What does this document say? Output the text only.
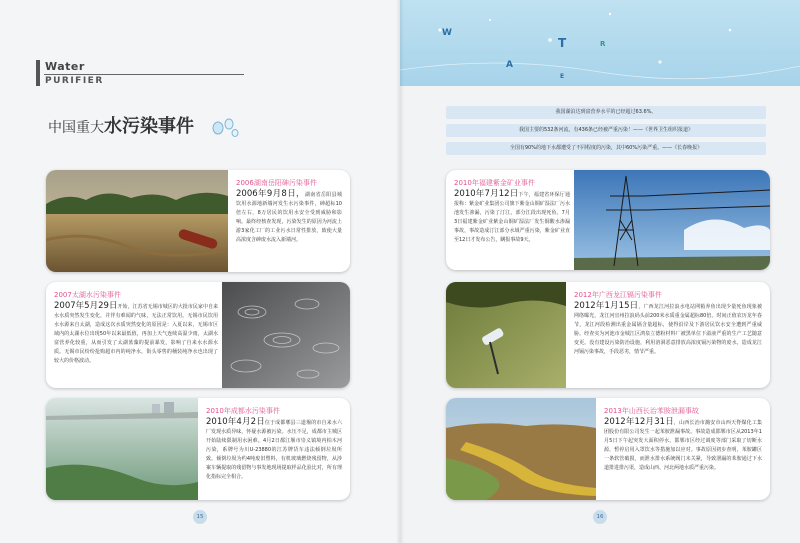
Water
PURIFIER
中国重大水污染事件
2006湖南岳阳砷污染事件
2006年9月8日，湖南省岳阳县城饮用水源地新墙河发生水污染事件，砷超标10倍左右，8万居民的饮用水安全受到威胁和影响。最终经核查发现，污染发生的原因为河流上游3家化工厂的工业污水日常性排放，致使大量高浓度含砷废水流入新墙河。
2007太湖水污染事件
2007年5月29日开始，江苏省无锡市城区的大批市民家中自来水水质突然发生变化，并伴有难闻的气味，无法正常饮用。无锡市民饮用水水源来自太湖，造成这次水质突然变化的原因是：入夏以来，无锡市区域内的太湖水位出现50年以来最低值，再加上天气连续高温少雨，太湖水富营养化较重，从而引发了太湖蓝藻的提前暴发，影响了自来水水源水质。无锡市民纷纷抢购超市内的纯净水，街头零售的桶装纯净水也出现了较大的价格波动。
2010年成都水污染事件
2010年4月2日位于成都郫县三道堰的市自来水六厂发现水质异味，怀疑水源被污染。水压不足，成都市主城区开始陆续限制用水困难。4月2日都江堰市崇义镇境内柏木河污染，系牌号为川U-23880的江苏牌货车违法倾倒垃圾所致。倾倒垃圾为约4吨废旧塑料，有机玻璃燃烧残留物，从涉案车辆提取的残留物与事发地现场提取样品化验比对，所有理化指标完全相合。
15
W
A
T
E
R
我国湖泊达到富营养水平的已经超过63.6%。
我国主要的532条河流，有436条已经被严重污染！——《世界卫生组织报道》
全国有90%的地下水都遭受了不同程度的污染，其中60%污染严重。——《长春晚报》
2010年福建紫金矿业事件
2010年7月12日下午，福建省环保厅通报称：紫金矿业集团公司旗下紫金山铜矿湿法厂污水池发生渗漏，污染了汀江，部分江段出现死鱼。7月3日福建紫金矿业紫金山铜矿湿法厂发生铜酸水渗漏事故，事故造成汀江部分水域严重污染，紫金矿业直至12日才发布公告，瞒报事故9天。
2012年广西龙江镉污染事件
2012年1月15日，广西龙江河拉浪水电站网箱养鱼出现少量死鱼现象被网络曝光，龙江河宜州拉浪码头前200米水质重金属超标80倍。时间正值农历龙年春节，龙江河段检测出重金属镉含量超标，使得沿岸及下游居民饮水安全遭到严重威胁。经查实为河池市金城江区鸿泉立德粉材料厂被黑单位下溢液严重的生产工艺随意变更。没有建设污染防治设施，利用溶洞恶意排放高浓度镉污染物的废水，造成龙江河镉污染事故，手段恶劣，情节严重。
2013年山西长治苯胺泄漏事故
2012年12月31日，山西长治市潞安市山西天脊煤化工集团股份有限公司发生一起苯胺泄漏事故。事故造成邯郸市区从2013年1月5日下午起突发大面积停水，邯郸市区经过调度等部门采取了切断水源，暂停启用入罩饮水等措施加以应对。事故原因初步查明，苯胺罐区一条软管破损，而泄水排水系统阀门未关紧，导致泄漏的苯胺通过下水道排进排污渠，造成山西、河北两地水质严重污染。
16
